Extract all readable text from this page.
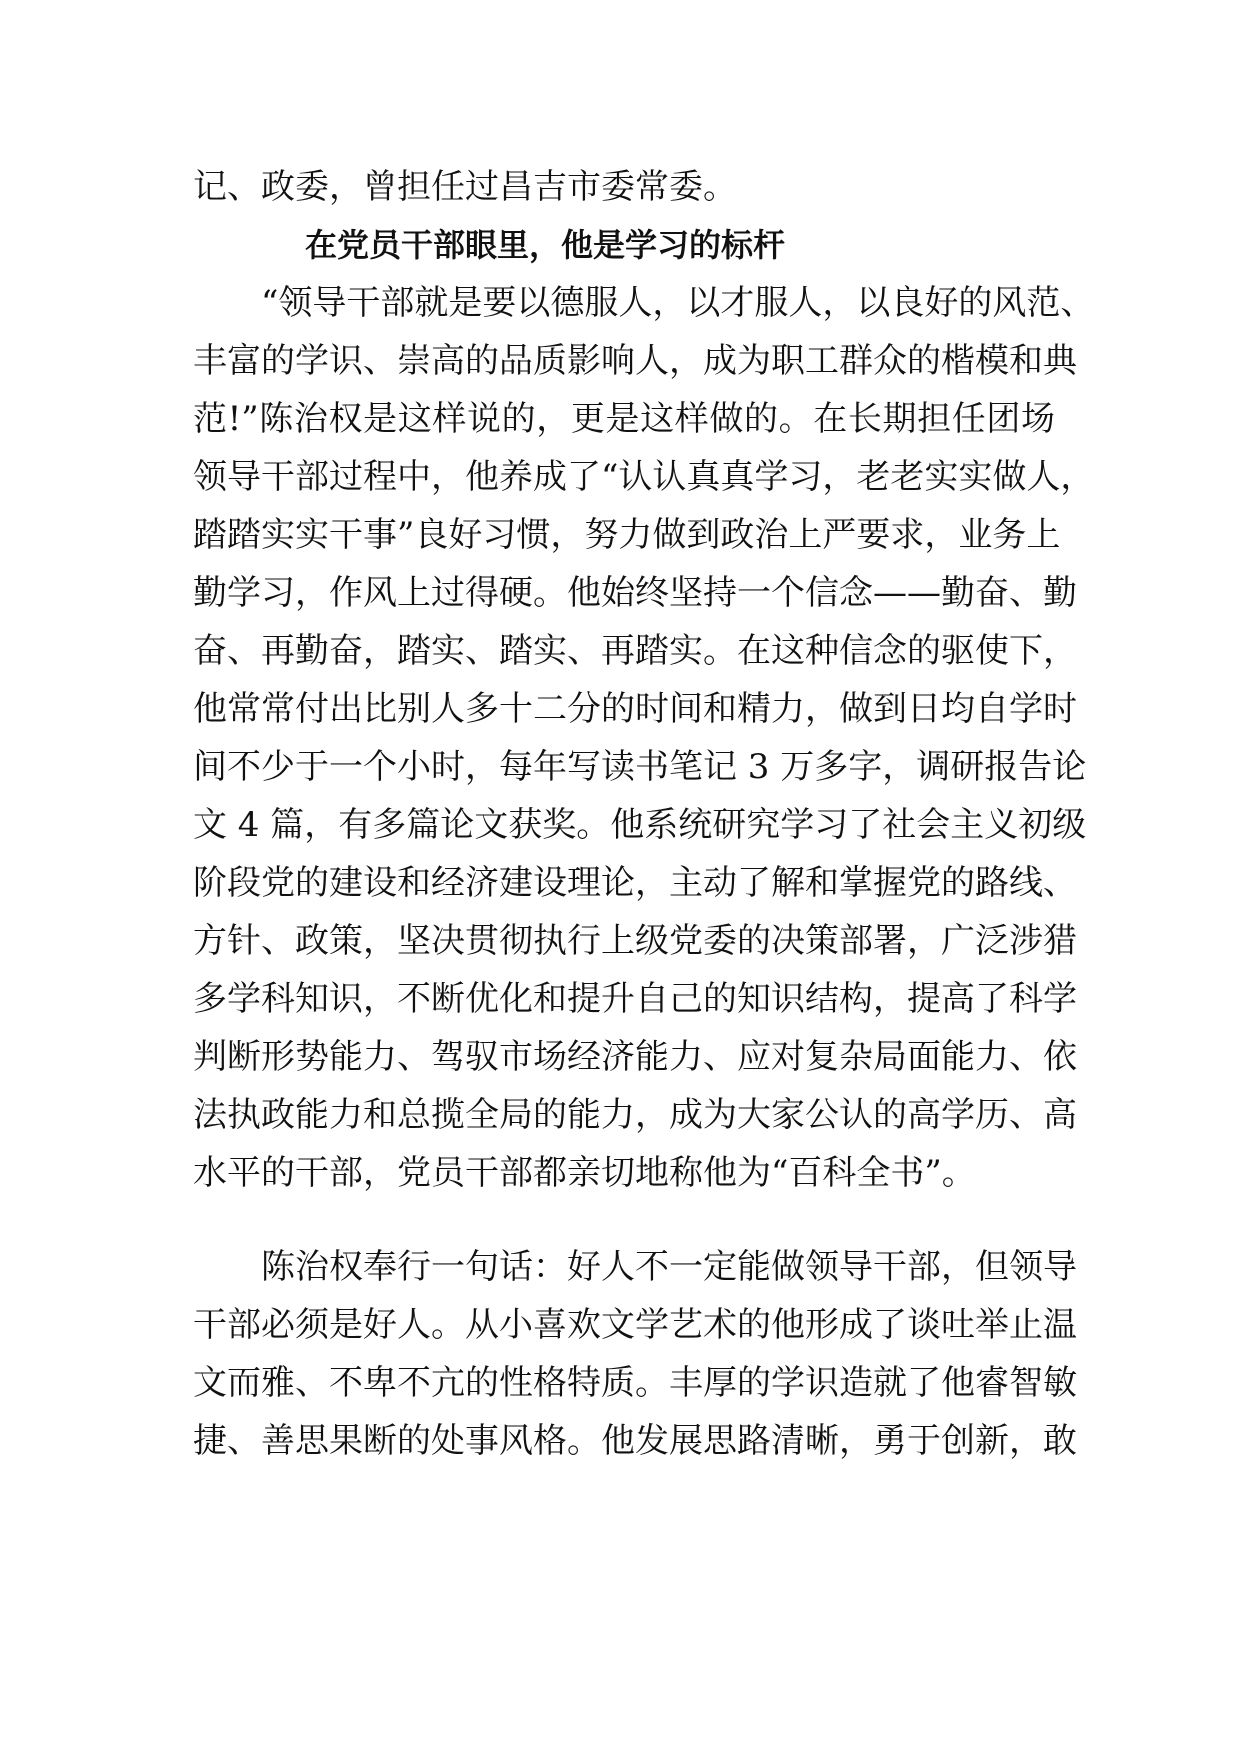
记、政委，曾担任过昌吉市委常委。
在党员干部眼里，他是学习的标杆
“领导干部就是要以德服人，以才服人，以良好的风范、
丰富的学识、崇高的品质影响人，成为职工群众的楷模和典
范!”陈治权是这样说的，更是这样做的。在长期担任团场
领导干部过程中，他养成了“认认真真学习，老老实实做人，
踏踏实实干事”良好习惯，努力做到政治上严要求，业务上
勤学习，作风上过得硬。他始终坚持一个信念——勤奋、勤
奋、再勤奋，踏实、踏实、再踏实。在这种信念的驱使下，
他常常付出比别人多十二分的时间和精力，做到日均自学时
间不少于一个小时，每年写读书笔记 3 万多字，调研报告论
文 4 篇，有多篇论文获奖。他系统研究学习了社会主义初级
阶段党的建设和经济建设理论，主动了解和掌握党的路线、
方针、政策，坚决贯彻执行上级党委的决策部署，广泛涉猎
多学科知识，不断优化和提升自己的知识结构，提高了科学
判断形势能力、驾驭市场经济能力、应对复杂局面能力、依
法执政能力和总揽全局的能力，成为大家公认的高学历、高
水平的干部，党员干部都亲切地称他为“百科全书”。
陈治权奉行一句话：好人不一定能做领导干部，但领导
干部必须是好人。从小喜欢文学艺术的他形成了谈吐举止温
文而雅、不卑不亢的性格特质。丰厚的学识造就了他睿智敏
捷、善思果断的处事风格。他发展思路清晰，勇于创新，敢
